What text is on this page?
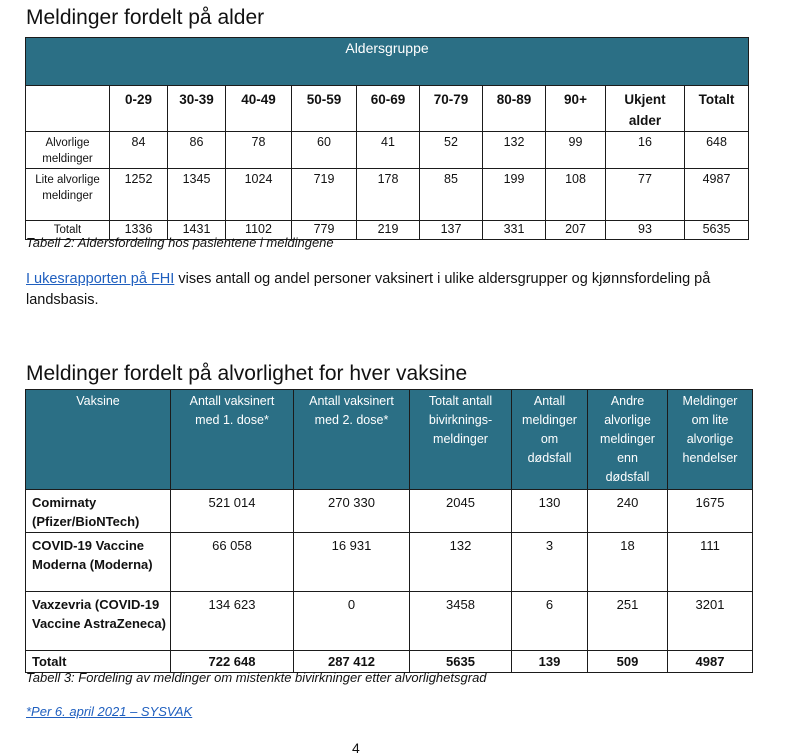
Meldinger fordelt på alder
Aldersgruppe										
	0-29	30-39	40-49	50-59	60-69	70-79	80-89	90+	Ukjent alder	Totalt
Alvorlige meldinger	84	86	78	60	41	52	132	99	16	648
Lite alvorlige meldinger	1252	1345	1024	719	178	85	199	108	77	4987
Totalt	1336	1431	1102	779	219	137	331	207	93	5635
Tabell 2: Aldersfordeling hos pasientene i meldingene
I ukesrapporten på FHI vises antall og andel personer vaksinert i ulike aldersgrupper og kjønnsfordeling på landsbasis.
Meldinger fordelt på alvorlighet for hver vaksine
Vaksine	Antall vaksinert med 1. dose*	Antall vaksinert med 2. dose*	Totalt antall bivirknings-meldinger	Antall meldinger om dødsfall	Andre alvorlige meldinger enn dødsfall	Meldinger om lite alvorlige hendelser
Comirnaty (Pfizer/BioNTech)	521 014	270 330	2045	130	240	1675
COVID-19 Vaccine Moderna (Moderna)	66 058	16 931	132	3	18	111
Vaxzevria (COVID-19 Vaccine AstraZeneca)	134 623	0	3458	6	251	3201
Totalt	722 648	287 412	5635	139	509	4987
Tabell 3: Fordeling av meldinger om mistenkte bivirkninger etter alvorlighetsgrad
*Per 6. april 2021 – SYSVAK
4
